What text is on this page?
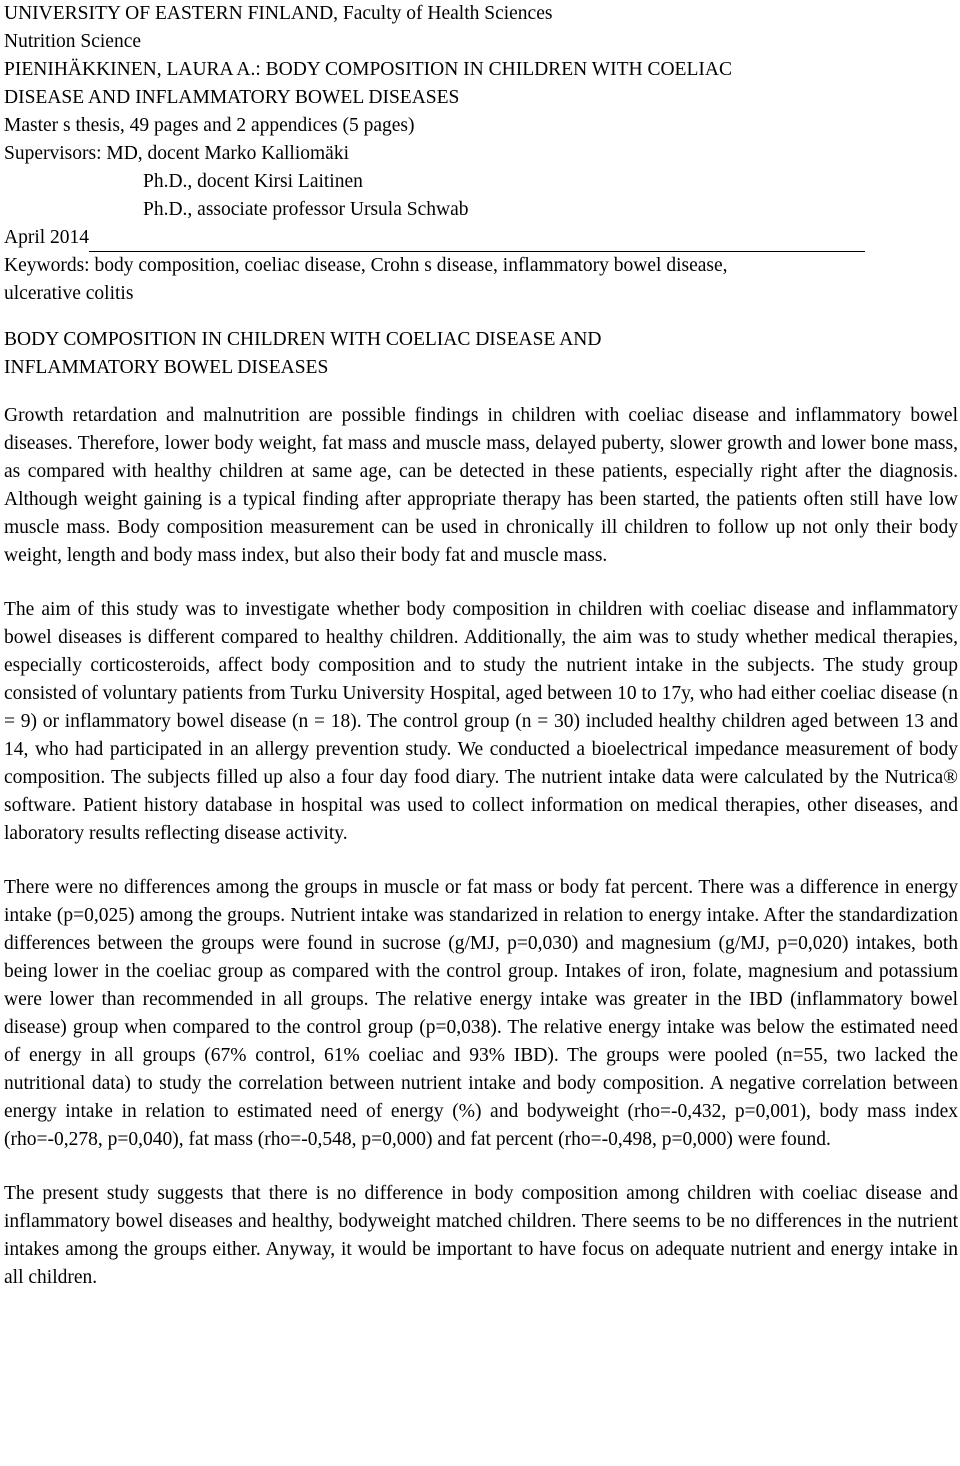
UNIVERSITY OF EASTERN FINLAND, Faculty of Health Sciences
Nutrition Science
PIENIHÄKKINEN, LAURA A.: BODY COMPOSITION IN CHILDREN WITH COELIAC
DISEASE AND INFLAMMATORY BOWEL DISEASES
Master s thesis, 49 pages and 2 appendices (5 pages)
Supervisors: MD, docent Marko Kalliomäki
Ph.D., docent Kirsi Laitinen
Ph.D., associate professor Ursula Schwab
April 2014
Keywords: body composition, coeliac disease, Crohn s disease, inflammatory bowel disease,
ulcerative colitis
BODY COMPOSITION IN CHILDREN WITH COELIAC DISEASE AND
INFLAMMATORY BOWEL DISEASES

Growth retardation and malnutrition are possible findings in children with coeliac disease and inflammatory bowel diseases. Therefore, lower body weight, fat mass and muscle mass, delayed puberty, slower growth and lower bone mass, as compared with healthy children at same age, can be detected in these patients, especially right after the diagnosis. Although weight gaining is a typical finding after appropriate therapy has been started, the patients often still have low muscle mass. Body composition measurement can be used in chronically ill children to follow up not only their body weight, length and body mass index, but also their body fat and muscle mass.

The aim of this study was to investigate whether body composition in children with coeliac disease and inflammatory bowel diseases is different compared to healthy children. Additionally, the aim was to study whether medical therapies, especially corticosteroids, affect body composition and to study the nutrient intake in the subjects. The study group consisted of voluntary patients from Turku University Hospital, aged between 10 to 17y, who had either coeliac disease (n = 9) or inflammatory bowel disease (n = 18). The control group (n = 30) included healthy children aged between 13 and 14, who had participated in an allergy prevention study. We conducted a bioelectrical impedance measurement of body composition. The subjects filled up also a four day food diary. The nutrient intake data were calculated by the Nutrica® software. Patient history database in hospital was used to collect information on medical therapies, other diseases, and laboratory results reflecting disease activity.

There were no differences among the groups in muscle or fat mass or body fat percent. There was a difference in energy intake (p=0,025) among the groups. Nutrient intake was standarized in relation to energy intake. After the standardization differences between the groups were found in sucrose (g/MJ, p=0,030) and magnesium (g/MJ, p=0,020) intakes, both being lower in the coeliac group as compared with the control group. Intakes of iron, folate, magnesium and potassium were lower than recommended in all groups. The relative energy intake was greater in the IBD (inflammatory bowel disease) group when compared to the control group (p=0,038). The relative energy intake was below the estimated need of energy in all groups (67% control, 61% coeliac and 93% IBD). The groups were pooled (n=55, two lacked the nutritional data) to study the correlation between nutrient intake and body composition. A negative correlation between energy intake in relation to estimated need of energy (%) and bodyweight (rho=-0,432, p=0,001), body mass index (rho=-0,278, p=0,040), fat mass (rho=-0,548, p=0,000) and fat percent (rho=-0,498, p=0,000) were found.

The present study suggests that there is no difference in body composition among children with coeliac disease and inflammatory bowel diseases and healthy, bodyweight matched children. There seems to be no differences in the nutrient intakes among the groups either. Anyway, it would be important to have focus on adequate nutrient and energy intake in all children.
